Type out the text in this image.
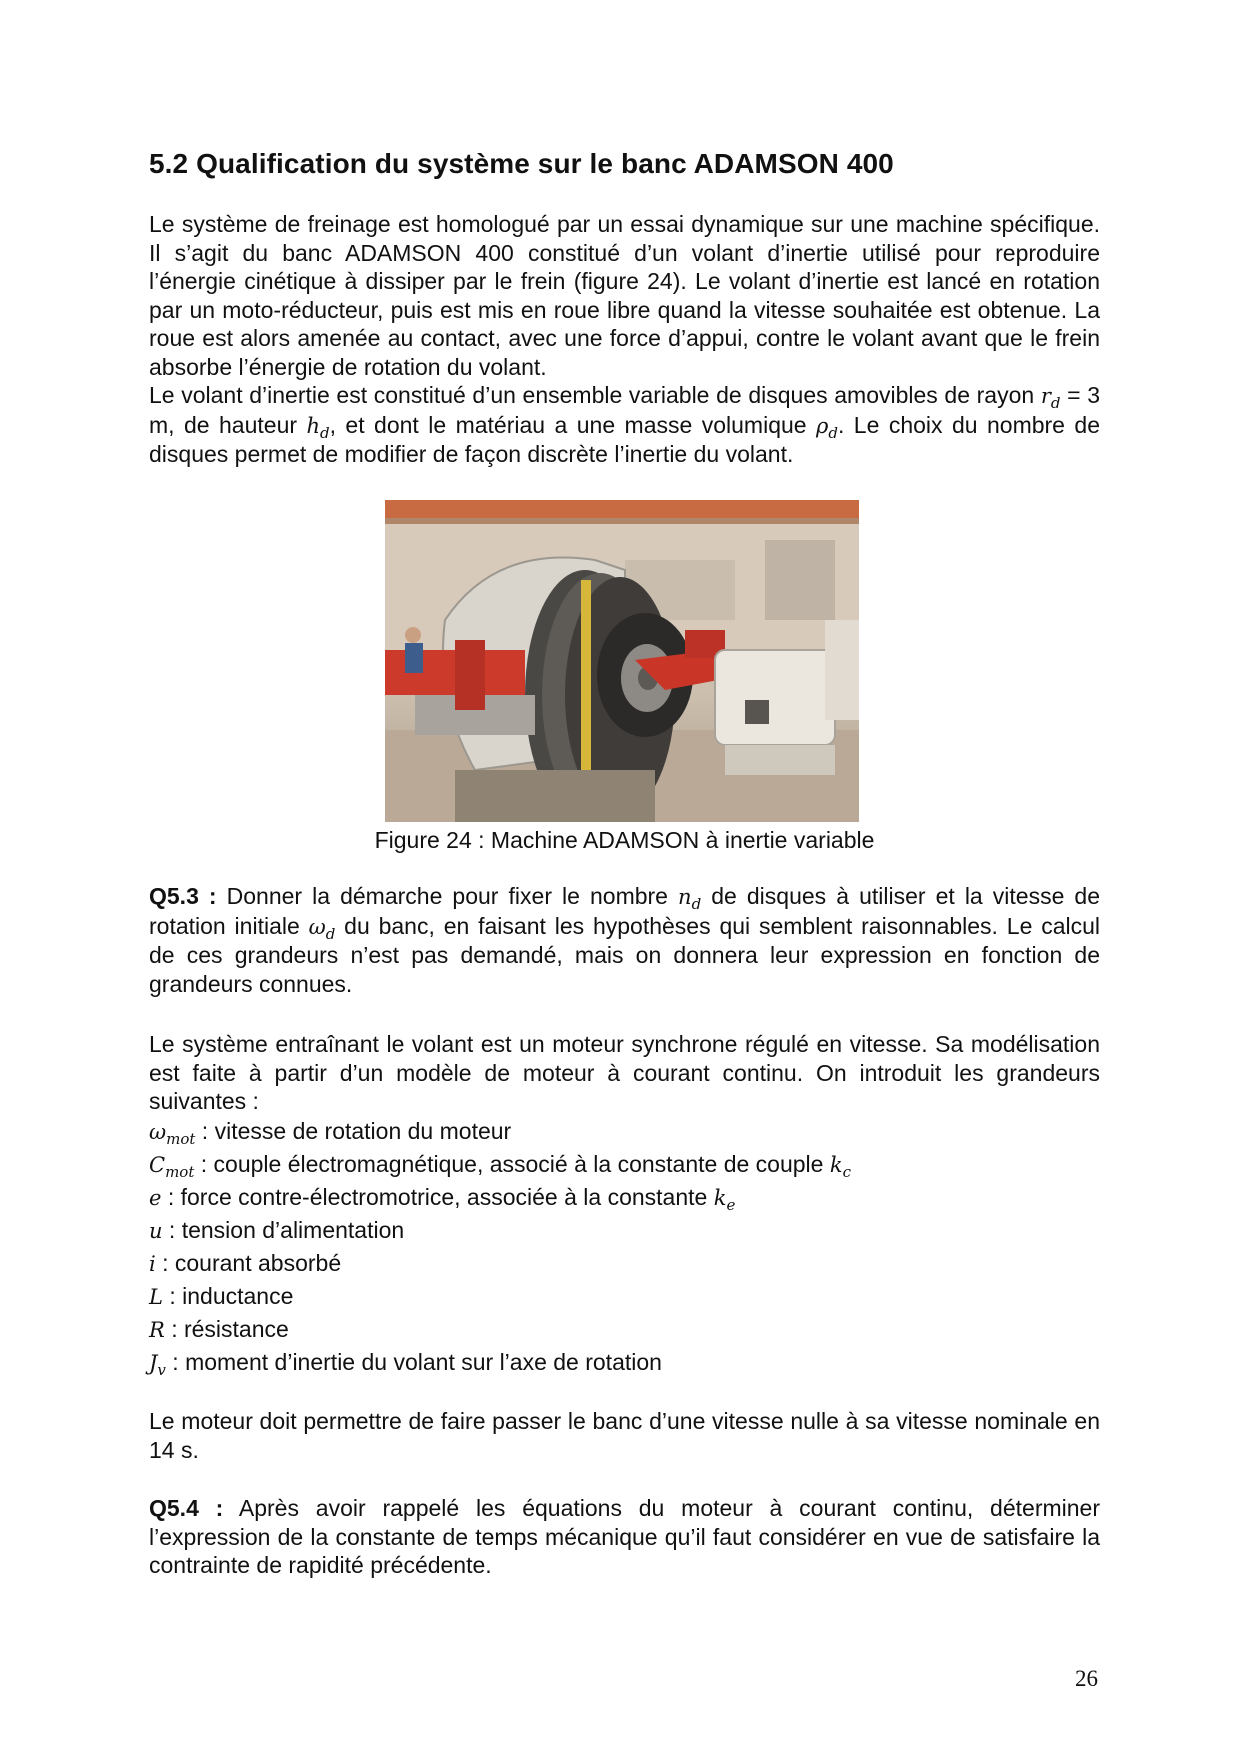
5.2 Qualification du système sur le banc ADAMSON 400

Le système de freinage est homologué par un essai dynamique sur une machine spécifique. Il s’agit du banc ADAMSON 400 constitué d’un volant d’inertie utilisé pour reproduire l’énergie cinétique à dissiper par le frein (figure 24). Le volant d’inertie est lancé en rotation par un moto-réducteur, puis est mis en roue libre quand la vitesse souhaitée est obtenue. La roue est alors amenée au contact, avec une force d’appui, contre le volant avant que le frein absorbe l’énergie de rotation du volant.

Le volant d’inertie est constitué d’un ensemble variable de disques amovibles de rayon $r_d = 3$ m, de hauteur $h_d$, et dont le matériau a une masse volumique $\rho_d$. Le choix du nombre de disques permet de modifier de façon discrète l’inertie du volant.

Figure 24 : Machine ADAMSON à inertie variable

Q5.3 : Donner la démarche pour fixer le nombre $n_d$ de disques à utiliser et la vitesse de rotation initiale $\omega_d$ du banc, en faisant les hypothèses qui semblent raisonnables. Le calcul de ces grandeurs n’est pas demandé, mais on donnera leur expression en fonction de grandeurs connues.

Le système entraînant le volant est un moteur synchrone régulé en vitesse. Sa modélisation est faite à partir d’un modèle de moteur à courant continu. On introduit les grandeurs suivantes :

$\omega_{mot}$ : vitesse de rotation du moteur
$C_{mot}$ : couple électromagnétique, associé à la constante de couple $k_c$
e : force contre-électromotrice, associée à la constante $k_e$
u : tension d’alimentation
i : courant absorbé
L : inductance
R : résistance
$J_v$ : moment d’inertie du volant sur l’axe de rotation

Le moteur doit permettre de faire passer le banc d’une vitesse nulle à sa vitesse nominale en 14 s.

Q5.4 : Après avoir rappelé les équations du moteur à courant continu, déterminer l’expression de la constante de temps mécanique qu’il faut considérer en vue de satisfaire la contrainte de rapidité précédente.

26
